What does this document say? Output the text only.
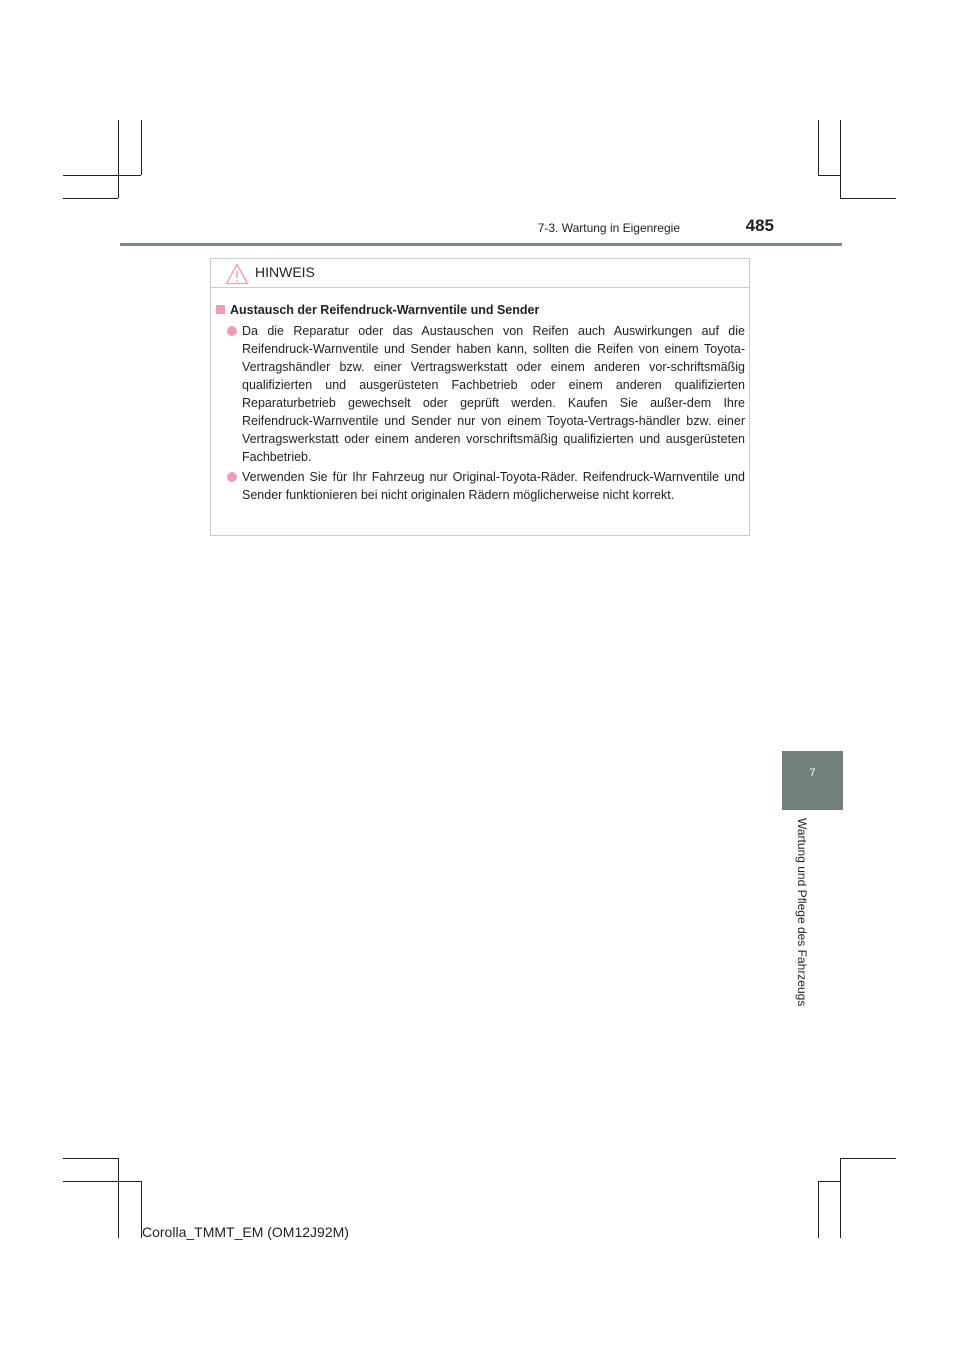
7-3. Wartung in Eigenregie	485
HINWEIS
Austausch der Reifendruck-Warnventile und Sender
Da die Reparatur oder das Austauschen von Reifen auch Auswirkungen auf die Reifendruck-Warnventile und Sender haben kann, sollten die Reifen von einem Toyota-Vertragshändler bzw. einer Vertragswerkstatt oder einem anderen vor-schriftsmäßig qualifizierten und ausgerüsteten Fachbetrieb oder einem anderen qualifizierten Reparaturbetrieb gewechselt oder geprüft werden. Kaufen Sie außer-dem Ihre Reifendruck-Warnventile und Sender nur von einem Toyota-Vertrags-händler bzw. einer Vertragswerkstatt oder einem anderen vorschriftsmäßig qualifizierten und ausgerüsteten Fachbetrieb.
Verwenden Sie für Ihr Fahrzeug nur Original-Toyota-Räder. Reifendruck-Warnventile und Sender funktionieren bei nicht originalen Rädern möglicherweise nicht korrekt.
7
Wartung und Pflege des Fahrzeugs
Corolla_TMMT_EM (OM12J92M)
